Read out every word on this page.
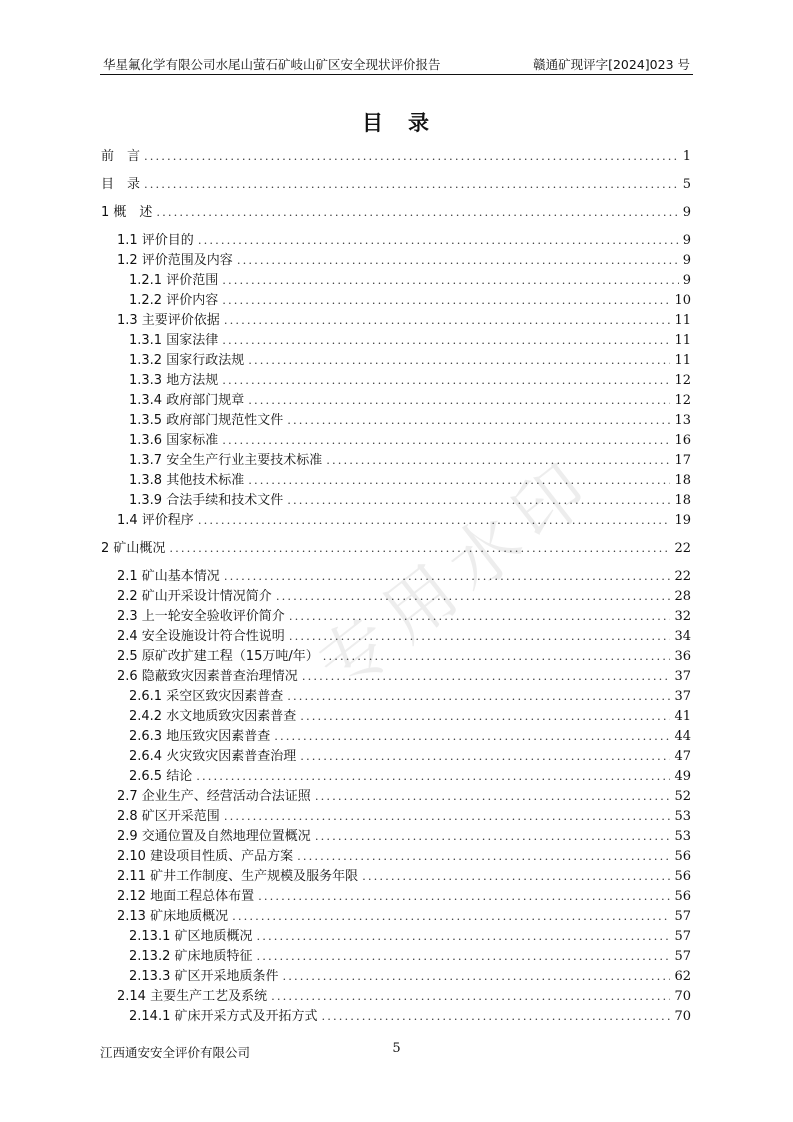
华星氟化学有限公司水尾山萤石矿岐山矿区安全现状评价报告	赣通矿现评字[2024]023 号
目　录
专用水印
前　言 .....	1
目　录 .....	5
1 概　述 .....	9
1.1 评价目的 .....	9
1.2 评价范围及内容 .....	9
1.2.1 评价范围 .....	9
1.2.2 评价内容 .....	10
1.3 主要评价依据 .....	11
1.3.1 国家法律 .....	11
1.3.2 国家行政法规 .....	11
1.3.3 地方法规 .....	12
1.3.4 政府部门规章 .....	12
1.3.5 政府部门规范性文件 .....	13
1.3.6 国家标准 .....	16
1.3.7 安全生产行业主要技术标准 .....	17
1.3.8 其他技术标准 .....	18
1.3.9 合法手续和技术文件 .....	18
1.4 评价程序 .....	19
2 矿山概况 .....	22
2.1 矿山基本情况 .....	22
2.2 矿山开采设计情况简介 .....	28
2.3 上一轮安全验收评价简介 .....	32
2.4 安全设施设计符合性说明 .....	34
2.5 原矿改扩建工程（15万吨/年） .....	36
2.6 隐蔽致灾因素普查治理情况 .....	37
2.6.1 采空区致灾因素普查 .....	37
2.4.2 水文地质致灾因素普查 .....	41
2.6.3 地压致灾因素普查 .....	44
2.6.4 火灾致灾因素普查治理 .....	47
2.6.5 结论 .....	49
2.7 企业生产、经营活动合法证照 .....	52
2.8 矿区开采范围 .....	53
2.9 交通位置及自然地理位置概况 .....	53
2.10 建设项目性质、产品方案 .....	56
2.11 矿井工作制度、生产规模及服务年限 .....	56
2.12 地面工程总体布置 .....	56
2.13 矿床地质概况 .....	57
2.13.1 矿区地质概况 .....	57
2.13.2 矿床地质特征 .....	57
2.13.3 矿区开采地质条件 .....	62
2.14 主要生产工艺及系统 .....	70
2.14.1 矿床开采方式及开拓方式 .....	70
江西通安安全评价有限公司	5
